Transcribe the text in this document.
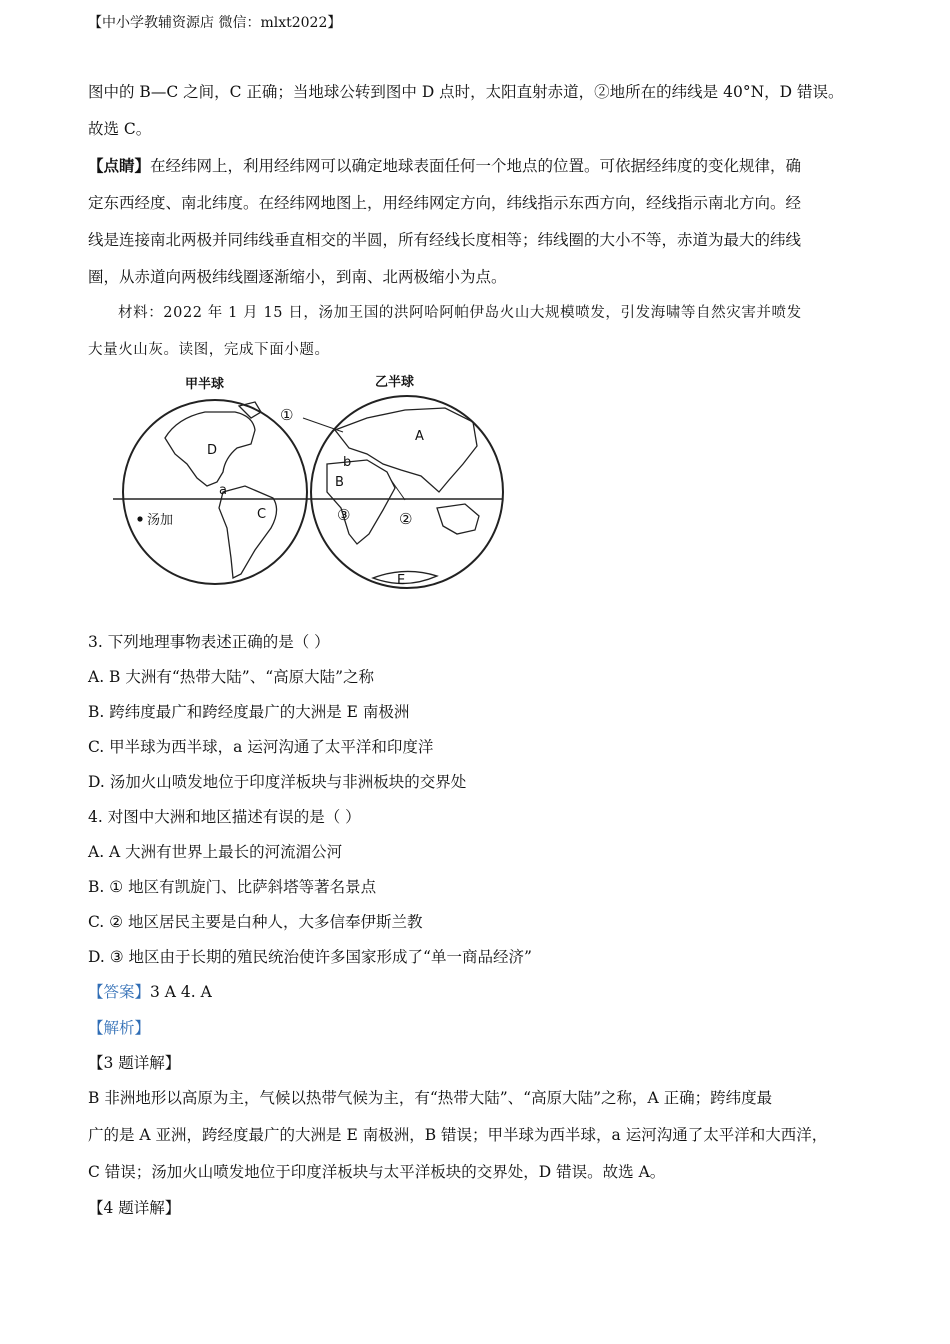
【中小学教辅资源店 微信：mlxt2022】
图中的 B—C 之间，C 正确；当地球公转到图中 D 点时，太阳直射赤道，②地所在的纬线是 40°N，D 错误。
故选 C。
【点睛】在经纬网上，利用经纬网可以确定地球表面任何一个地点的位置。可依据经纬度的变化规律，确
定东西经度、南北纬度。在经纬网地图上，用经纬网定方向，纬线指示东西方向，经线指示南北方向。经
线是连接南北两极并同纬线垂直相交的半圆，所有经线长度相等；纬线圈的大小不等，赤道为最大的纬线
圈，从赤道向两极纬线圈逐渐缩小，到南、北两极缩小为点。
材料：2022 年 1 月 15 日，汤加王国的洪阿哈阿帕伊岛火山大规模喷发，引发海啸等自然灾害并喷发
大量火山灰。读图，完成下面小题。
甲半球	乙半球
汤加
D
a
C
A
b
B
E
①
②
③
3. 下列地理事物表述正确的是（ ）
A. B 大洲有“热带大陆”、“高原大陆”之称
B. 跨纬度最广和跨经度最广的大洲是 E 南极洲
C. 甲半球为西半球，a 运河沟通了太平洋和印度洋
D. 汤加火山喷发地位于印度洋板块与非洲板块的交界处
4. 对图中大洲和地区描述有误的是（ ）
A. A 大洲有世界上最长的河流湄公河
B. ① 地区有凯旋门、比萨斜塔等著名景点
C. ② 地区居民主要是白种人，大多信奉伊斯兰教
D. ③ 地区由于长期的殖民统治使许多国家形成了“单一商品经济”
【答案】3 A 4. A
【解析】
【3 题详解】
B 非洲地形以高原为主，气候以热带气候为主，有“热带大陆”、“高原大陆”之称，A 正确；跨纬度最
广的是 A 亚洲，跨经度最广的大洲是 E 南极洲，B 错误；甲半球为西半球，a 运河沟通了太平洋和大西洋，
C 错误；汤加火山喷发地位于印度洋板块与太平洋板块的交界处，D 错误。故选 A。
【4 题详解】
